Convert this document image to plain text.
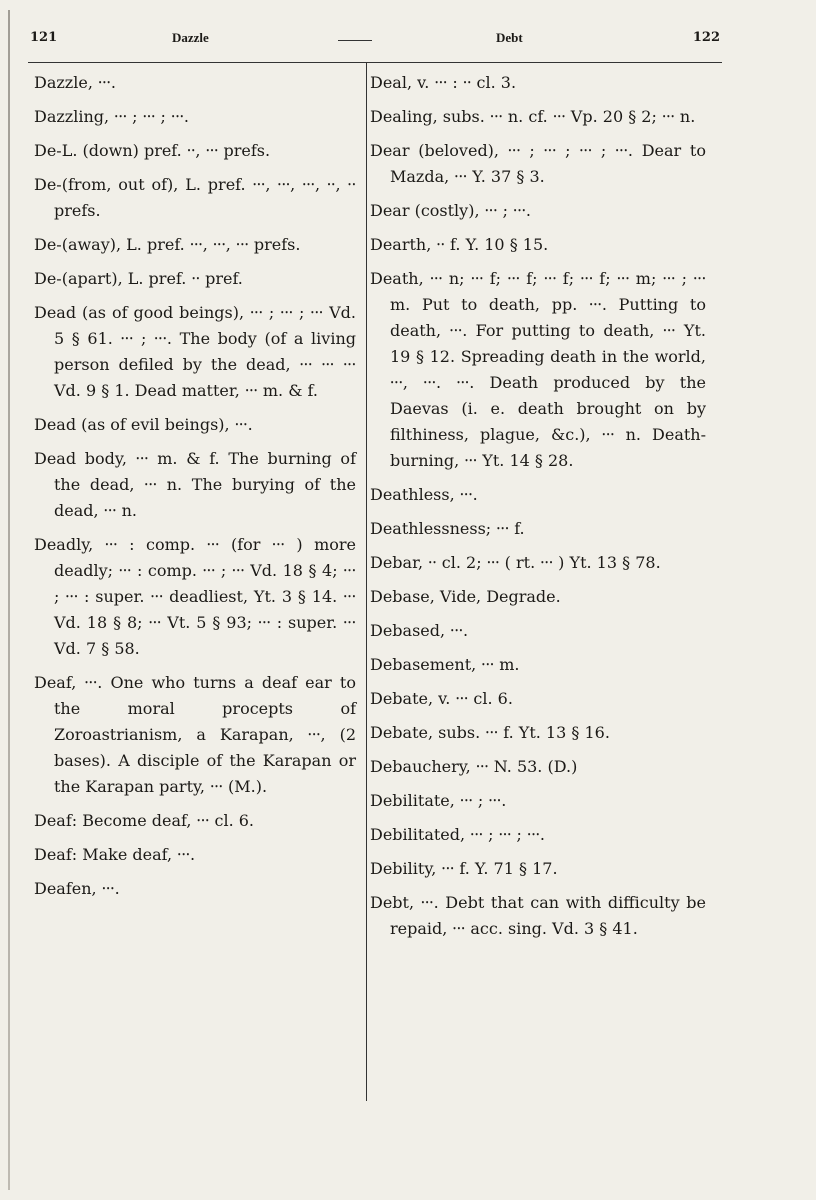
121	Dazzle	Debt	122

Dazzle, ⸱⸱⸱.

Dazzling, ⸱⸱⸱ ; ⸱⸱⸱ ; ⸱⸱⸱.

De-L. (down) pref. ⸱⸱, ⸱⸱⸱ prefs.

De-(from, out of), L. pref. ⸱⸱⸱, ⸱⸱⸱, ⸱⸱⸱, ⸱⸱, ⸱⸱ prefs.

De-(away), L. pref. ⸱⸱⸱, ⸱⸱⸱, ⸱⸱⸱ prefs.

De-(apart), L. pref. ⸱⸱ pref.

Dead (as of good beings), ⸱⸱⸱ ; ⸱⸱⸱ ; ⸱⸱⸱ Vd. 5 § 61. ⸱⸱⸱ ; ⸱⸱⸱. The body (of a living person defiled by the dead, ⸱⸱⸱ ⸱⸱⸱ ⸱⸱⸱ Vd. 9 § 1. Dead matter, ⸱⸱⸱ m. & f.

Dead (as of evil beings), ⸱⸱⸱.

Dead body, ⸱⸱⸱ m. & f. The burning of the dead, ⸱⸱⸱ n. The burying of the dead, ⸱⸱⸱ n.

Deadly, ⸱⸱⸱ : comp. ⸱⸱⸱ (for ⸱⸱⸱ ) more deadly; ⸱⸱⸱ : comp. ⸱⸱⸱ ; ⸱⸱⸱ Vd. 18 § 4; ⸱⸱⸱ ; ⸱⸱⸱ : super. ⸱⸱⸱ deadliest, Yt. 3 § 14. ⸱⸱⸱ Vd. 18 § 8; ⸱⸱⸱ Vt. 5 § 93; ⸱⸱⸱ : super. ⸱⸱⸱ Vd. 7 § 58.

Deaf, ⸱⸱⸱. One who turns a deaf ear to the moral procepts of Zoroastrianism, a Karapan, ⸱⸱⸱, (2 bases). A disciple of the Karapan or the Karapan party, ⸱⸱⸱ (M.).

Deaf: Become deaf, ⸱⸱⸱ cl. 6.

Deaf: Make deaf, ⸱⸱⸱.

Deafen, ⸱⸱⸱.

Deal, v. ⸱⸱⸱ : ⸱⸱ cl. 3.

Dealing, subs. ⸱⸱⸱ n. cf. ⸱⸱⸱ Vp. 20 § 2; ⸱⸱⸱ n.

Dear (beloved), ⸱⸱⸱ ; ⸱⸱⸱ ; ⸱⸱⸱ ; ⸱⸱⸱. Dear to Mazda, ⸱⸱⸱ Y. 37 § 3.

Dear (costly), ⸱⸱⸱ ; ⸱⸱⸱.

Dearth, ⸱⸱ f. Y. 10 § 15.

Death, ⸱⸱⸱ n; ⸱⸱⸱ f; ⸱⸱⸱ f; ⸱⸱⸱ f; ⸱⸱⸱ f; ⸱⸱⸱ m; ⸱⸱⸱ ; ⸱⸱⸱ m. Put to death, pp. ⸱⸱⸱. Putting to death, ⸱⸱⸱. For putting to death, ⸱⸱⸱ Yt. 19 § 12. Spreading death in the world, ⸱⸱⸱, ⸱⸱⸱. ⸱⸱⸱. Death produced by the Daevas (i. e. death brought on by filthiness, plague, &c.), ⸱⸱⸱ n. Death-burning, ⸱⸱⸱ Yt. 14 § 28.

Deathless, ⸱⸱⸱.

Deathlessness; ⸱⸱⸱ f.

Debar, ⸱⸱ cl. 2; ⸱⸱⸱ ( rt. ⸱⸱⸱ ) Yt. 13 § 78.

Debase, Vide, Degrade.

Debased, ⸱⸱⸱.

Debasement, ⸱⸱⸱ m.

Debate, v. ⸱⸱⸱ cl. 6.

Debate, subs. ⸱⸱⸱ f. Yt. 13 § 16.

Debauchery, ⸱⸱⸱ N. 53. (D.)

Debilitate, ⸱⸱⸱ ; ⸱⸱⸱.

Debilitated, ⸱⸱⸱ ; ⸱⸱⸱ ; ⸱⸱⸱.

Debility, ⸱⸱⸱ f. Y. 71 § 17.

Debt, ⸱⸱⸱. Debt that can with difficulty be repaid, ⸱⸱⸱ acc. sing. Vd. 3 § 41.
